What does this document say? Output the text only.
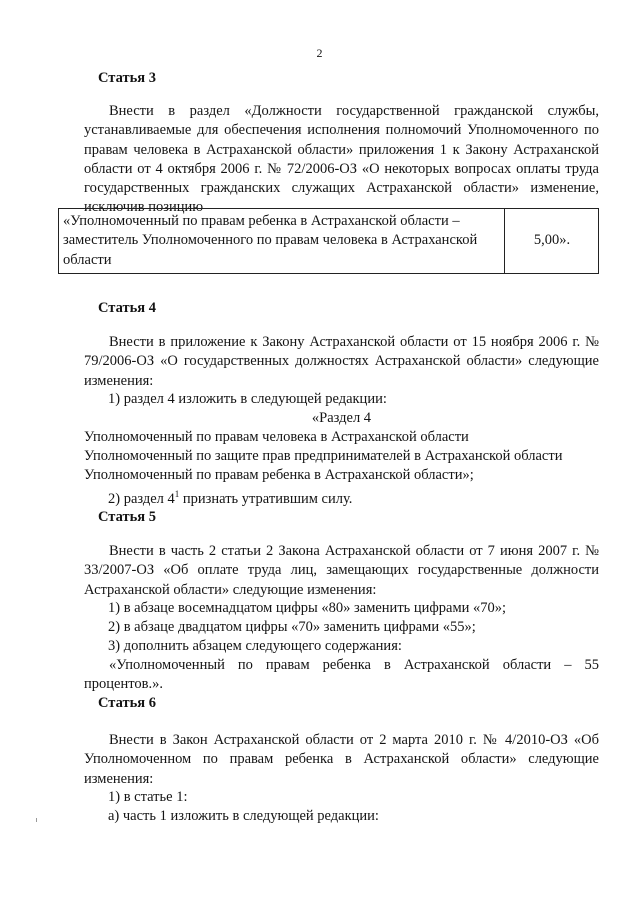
2
Статья 3

Внести в раздел «Должности государственной гражданской службы, устанавливаемые для обеспечения исполнения полномочий Уполномоченного по правам человека в Астраханской области» приложения 1 к Закону Астраханской области от 4 октября 2006 г. № 72/2006-ОЗ «О некоторых вопросах оплаты труда государственных гражданских служащих Астраханской области» изменение, исключив позицию

«Уполномоченный по правам ребенка в Астраханской области – заместитель Уполномоченного по правам человека в Астраханской области	5,00».
Статья 4

Внести в приложение к Закону Астраханской области от 15 ноября 2006 г. № 79/2006-ОЗ «О государственных должностях Астраханской области» следующие изменения:

1) раздел 4 изложить в следующей редакции:

«Раздел 4

Уполномоченный по правам человека в Астраханской области

Уполномоченный по защите прав предпринимателей в Астраханской области

Уполномоченный по правам ребенка в Астраханской области»;

2) раздел $4^1$ признать утратившим силу.

Статья 5

Внести в часть 2 статьи 2 Закона Астраханской области от 7 июня 2007 г. № 33/2007-ОЗ «Об оплате труда лиц, замещающих государственные должности Астраханской области» следующие изменения:

1) в абзаце восемнадцатом цифры «80» заменить цифрами «70»;

2) в абзаце двадцатом цифры «70» заменить цифрами «55»;

3) дополнить абзацем следующего содержания:

«Уполномоченный по правам ребенка в Астраханской области – 55 процентов.».

Статья 6

Внести в Закон Астраханской области от 2 марта 2010 г. № 4/2010-ОЗ «Об Уполномоченном по правам ребенка в Астраханской области» следующие изменения:

1) в статье 1:

а) часть 1 изложить в следующей редакции:
